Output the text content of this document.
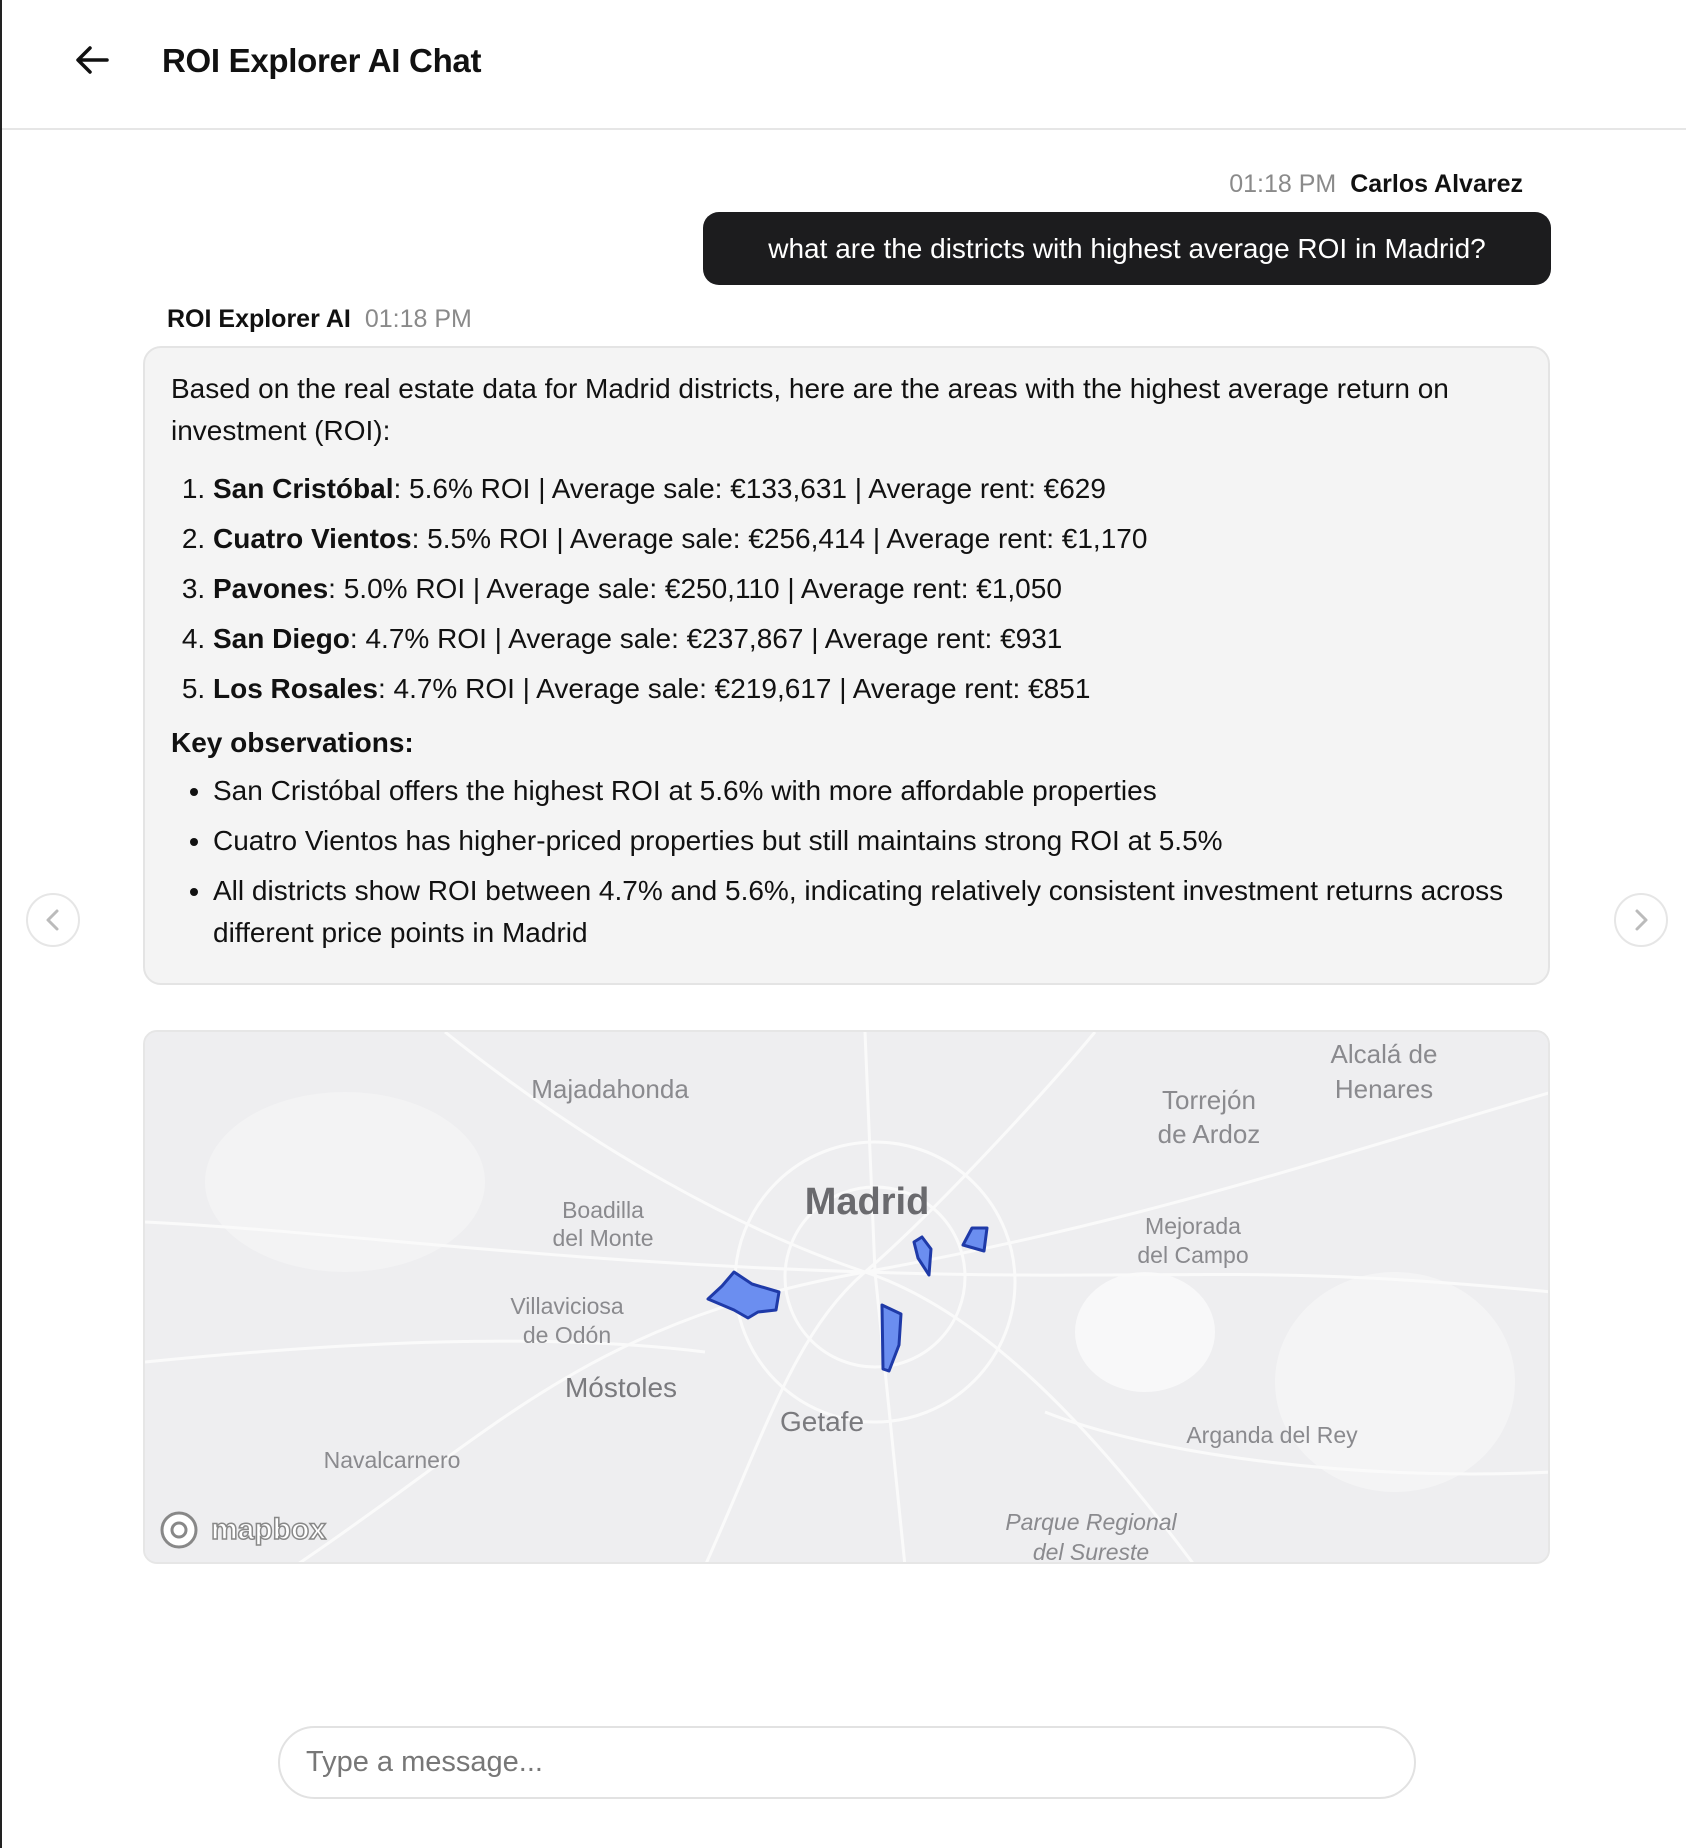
ROI Explorer AI Chat
01:18 PM Carlos Alvarez
what are the districts with highest average ROI in Madrid?
ROI Explorer AI 01:18 PM

Based on the real estate data for Madrid districts, here are the areas with the highest average return on investment (ROI):

1. San Cristóbal: 5.6% ROI | Average sale: €133,631 | Average rent: €629
2. Cuatro Vientos: 5.5% ROI | Average sale: €256,414 | Average rent: €1,170
3. Pavones: 5.0% ROI | Average sale: €250,110 | Average rent: €1,050
4. San Diego: 4.7% ROI | Average sale: €237,867 | Average rent: €931
5. Los Rosales: 4.7% ROI | Average sale: €219,617 | Average rent: €851
Key observations:
• San Cristóbal offers the highest ROI at 5.6% with more affordable properties
• Cuatro Vientos has higher-priced properties but still maintains strong ROI at 5.5%
• All districts show ROI between 4.7% and 5.6%, indicating relatively consistent investment returns across different price points in Madrid
Majadahonda
Alcalá de
Henares
Torrejón
de Ardoz
Madrid
Boadilla
del Monte	Mejorada
del Campo
Villaviciosa
de Odón
Móstoles
Getafe	Arganda del Rey
Navalcarnero
Parque Regional
del Sureste
mapbox
Type a message...
